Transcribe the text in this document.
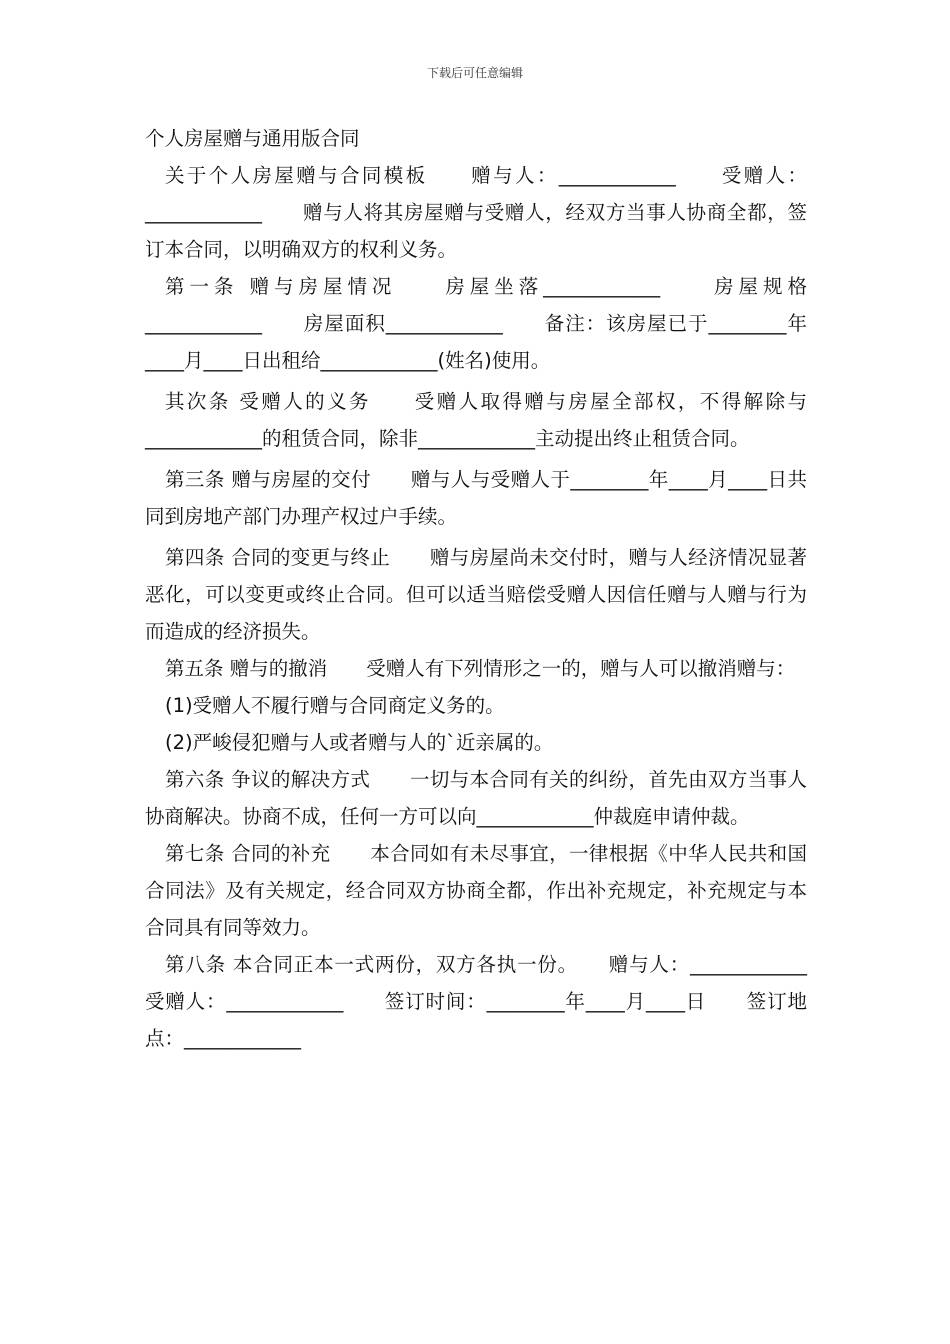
下载后可任意编辑

个人房屋赠与通用版合同

关于个人房屋赠与合同模板　　赠与人：____________　　受赠人：____________　　赠与人将其房屋赠与受赠人，经双方当事人协商全都，签订本合同，以明确双方的权利义务。

第一条 赠与房屋情况　　房屋坐落____________　　房屋规格____________　　房屋面积____________　　备注：该房屋已于________年____月____日出租给____________(姓名)使用。

其次条 受赠人的义务　　受赠人取得赠与房屋全部权，不得解除与____________的租赁合同，除非____________主动提出终止租赁合同。

第三条 赠与房屋的交付　　赠与人与受赠人于________年____月____日共同到房地产部门办理产权过户手续。

第四条 合同的变更与终止　　赠与房屋尚未交付时，赠与人经济情况显著恶化，可以变更或终止合同。但可以适当赔偿受赠人因信任赠与人赠与行为而造成的经济损失。

第五条 赠与的撤消　　受赠人有下列情形之一的，赠与人可以撤消赠与：

(1)受赠人不履行赠与合同商定义务的。

(2)严峻侵犯赠与人或者赠与人的`近亲属的。

第六条 争议的解决方式　　一切与本合同有关的纠纷，首先由双方当事人协商解决。协商不成，任何一方可以向____________仲裁庭申请仲裁。

第七条 合同的补充　　本合同如有未尽事宜，一律根据《中华人民共和国合同法》及有关规定，经合同双方协商全都，作出补充规定，补充规定与本合同具有同等效力。

第八条 本合同正本一式两份，双方各执一份。　　赠与人：____________　　受赠人：____________　　签订时间：________年____月____日　　签订地点：____________
